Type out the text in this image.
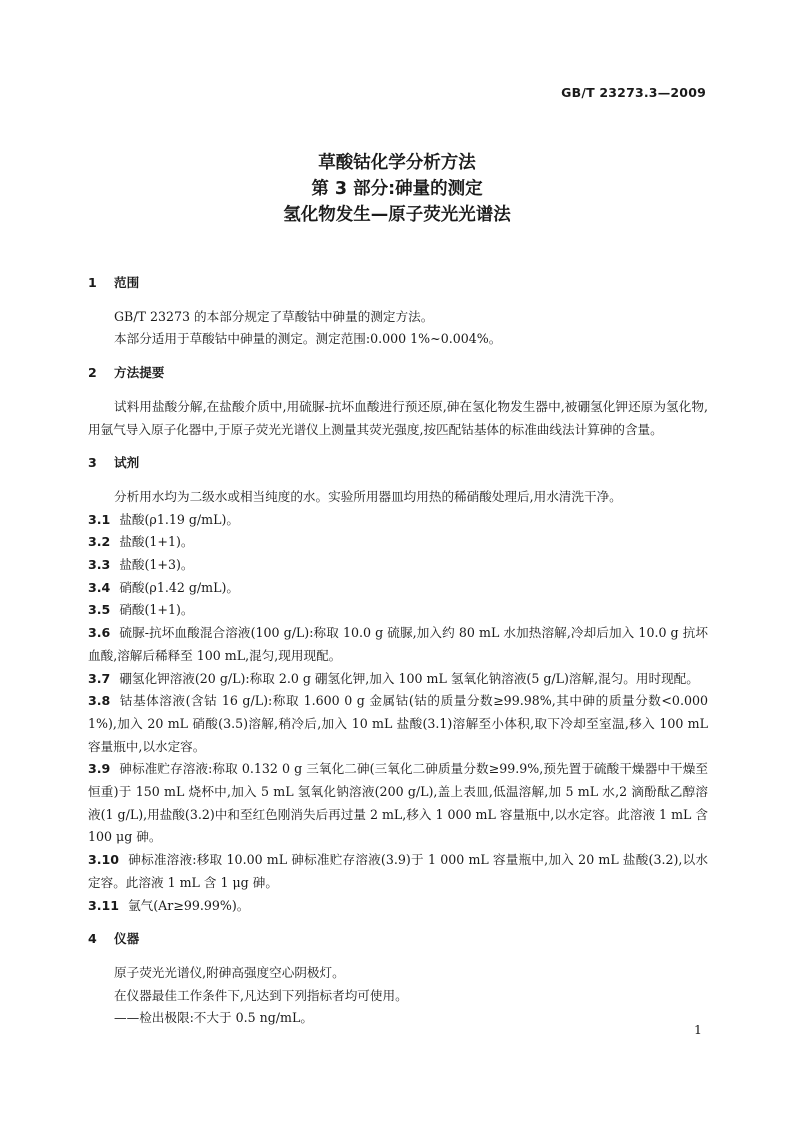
GB/T 23273.3—2009
草酸钴化学分析方法
第 3 部分:砷量的测定
氢化物发生—原子荧光光谱法
1 范围

GB/T 23273 的本部分规定了草酸钴中砷量的测定方法。

本部分适用于草酸钴中砷量的测定。测定范围:0.000 1%~0.004%。

2 方法提要

试料用盐酸分解,在盐酸介质中,用硫脲-抗坏血酸进行预还原,砷在氢化物发生器中,被硼氢化钾还原为氢化物,用氩气导入原子化器中,于原子荧光光谱仪上测量其荧光强度,按匹配钴基体的标准曲线法计算砷的含量。

3 试剂

分析用水均为二级水或相当纯度的水。实验所用器皿均用热的稀硝酸处理后,用水清洗干净。

3.1 盐酸(ρ1.19 g/mL)。

3.2 盐酸(1+1)。

3.3 盐酸(1+3)。

3.4 硝酸(ρ1.42 g/mL)。

3.5 硝酸(1+1)。

3.6 硫脲-抗坏血酸混合溶液(100 g/L):称取 10.0 g 硫脲,加入约 80 mL 水加热溶解,冷却后加入 10.0 g 抗坏血酸,溶解后稀释至 100 mL,混匀,现用现配。

3.7 硼氢化钾溶液(20 g/L):称取 2.0 g 硼氢化钾,加入 100 mL 氢氧化钠溶液(5 g/L)溶解,混匀。用时现配。

3.8 钴基体溶液(含钴 16 g/L):称取 1.600 0 g 金属钴(钴的质量分数≥99.98%,其中砷的质量分数<0.000 1%),加入 20 mL 硝酸(3.5)溶解,稍冷后,加入 10 mL 盐酸(3.1)溶解至小体积,取下冷却至室温,移入 100 mL 容量瓶中,以水定容。

3.9 砷标准贮存溶液:称取 0.132 0 g 三氧化二砷(三氧化二砷质量分数≥99.9%,预先置于硫酸干燥器中干燥至恒重)于 150 mL 烧杯中,加入 5 mL 氢氧化钠溶液(200 g/L),盖上表皿,低温溶解,加 5 mL 水,2 滴酚酞乙醇溶液(1 g/L),用盐酸(3.2)中和至红色刚消失后再过量 2 mL,移入 1 000 mL 容量瓶中,以水定容。此溶液 1 mL 含 100 μg 砷。

3.10 砷标准溶液:移取 10.00 mL 砷标准贮存溶液(3.9)于 1 000 mL 容量瓶中,加入 20 mL 盐酸(3.2),以水定容。此溶液 1 mL 含 1 μg 砷。

3.11 氩气(Ar≥99.99%)。

4 仪器

原子荧光光谱仪,附砷高强度空心阴极灯。

在仪器最佳工作条件下,凡达到下列指标者均可使用。

——检出极限:不大于 0.5 ng/mL。

1
